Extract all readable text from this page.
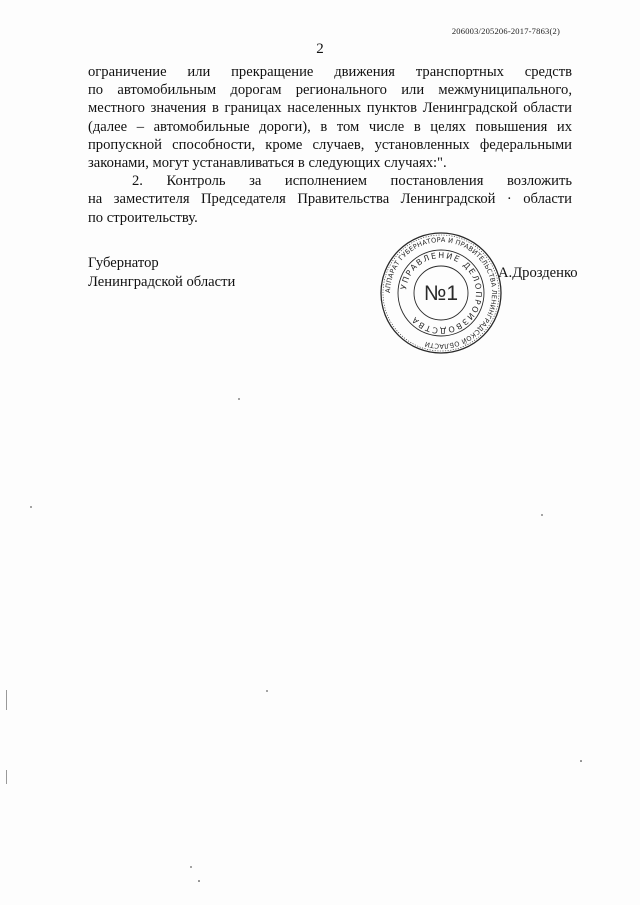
206003/205206-2017-7863(2)
2
ограничение или прекращение движения транспортных средств
по автомобильным дорогам регионального или межмуниципального,
местного значения в границах населенных пунктов Ленинградской области
(далее – автомобильные дороги), в том числе в целях повышения их
пропускной способности, кроме случаев, установленных федеральными
законами, могут устанавливаться в следующих случаях:".
2. Контроль за исполнением постановления возложить
на заместителя Председателя Правительства Ленинградской · области
по строительству.
Губернатор
Ленинградской области
А.Дрозденко
АППАРАТ ГУБЕРНАТОРА И ПРАВИТЕЛЬСТВА ЛЕНИНГРАДСКОЙ ОБЛАСТИ
УПРАВЛЕНИЕ ДЕЛОПРОИЗВОДСТВА
№1
